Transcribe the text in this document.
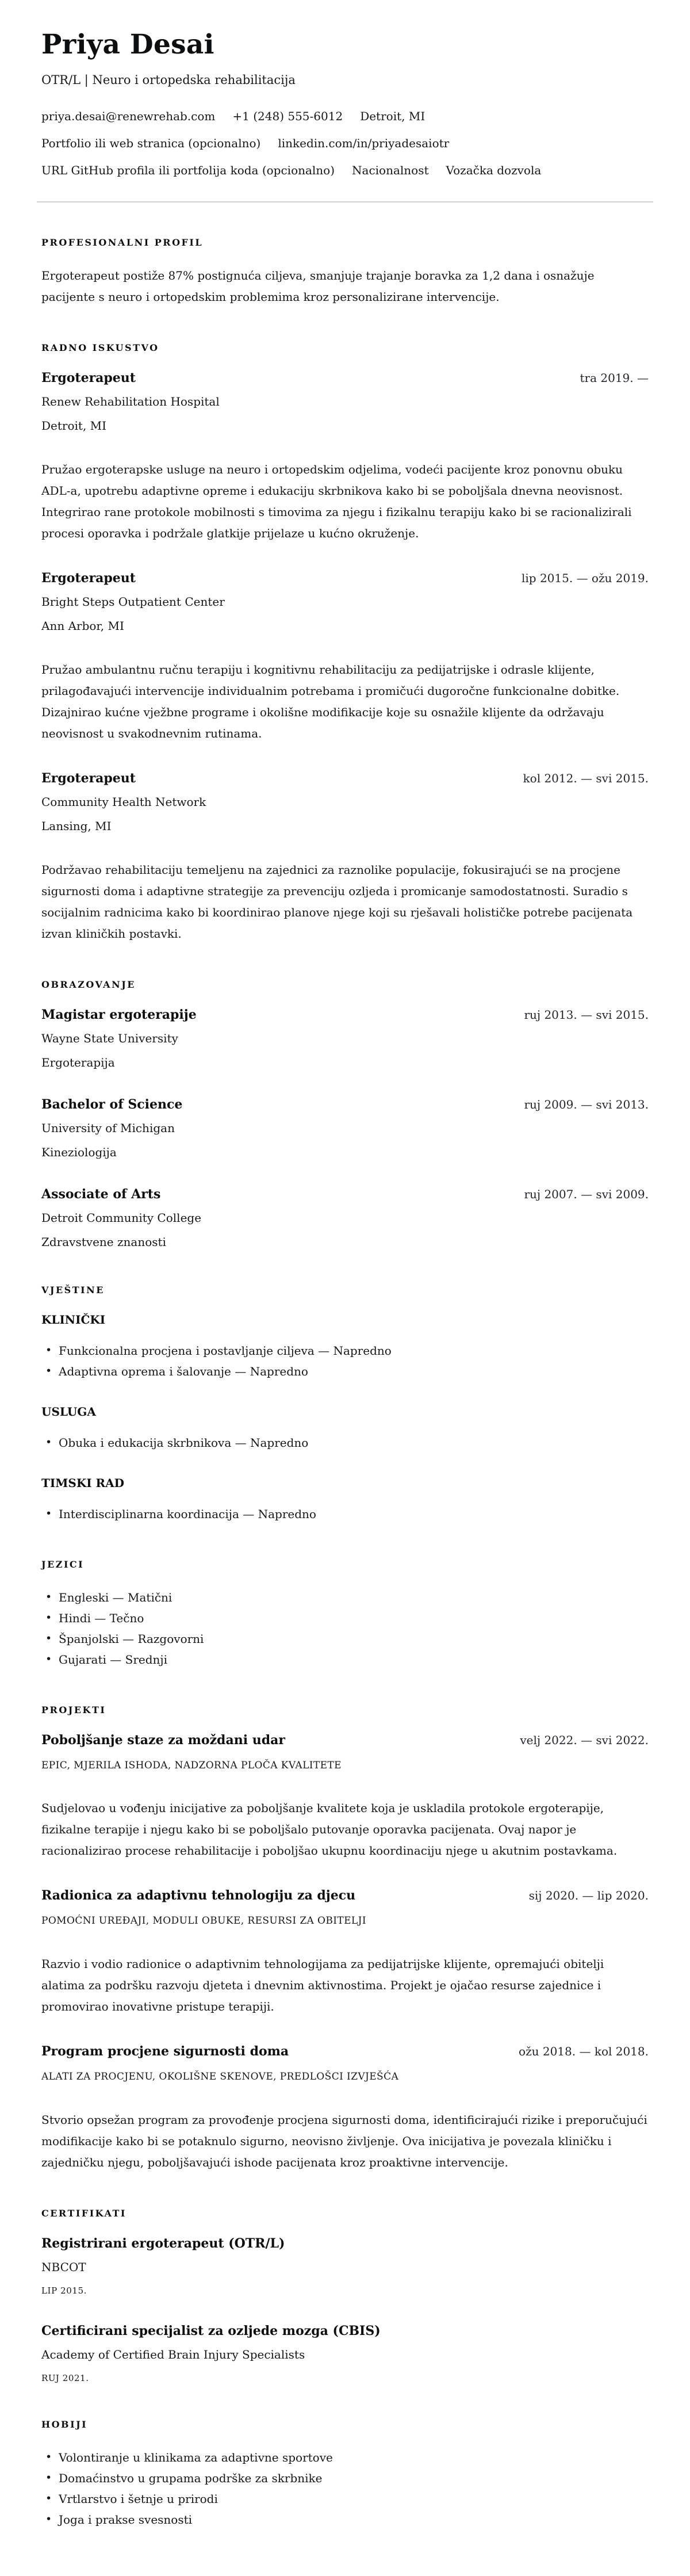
Priya Desai
OTR/L | Neuro i ortopedska rehabilitacija
priya.desai@renewrehab.com +1 (248) 555-6012 Detroit, MI
Portfolio ili web stranica (opcionalno) linkedin.com/in/priyadesaiotr
URL GitHub profila ili portfolija koda (opcionalno) Nacionalnost Vozačka dozvola
PROFESIONALNI PROFIL

Ergoterapeut postiže 87% postignuća ciljeva, smanjuje trajanje boravka za 1,2 dana i osnažuje pacijente s neuro i ortopedskim problemima kroz personalizirane intervencije.

RADNO ISKUSTVO
Ergoterapeut	tra 2019. —
Renew Rehabilitation Hospital
Detroit, MI

Pružao ergoterapske usluge na neuro i ortopedskim odjelima, vodeći pacijente kroz ponovnu obuku ADL-a, upotrebu adaptivne opreme i edukaciju skrbnikova kako bi se poboljšala dnevna neovisnost. Integrirao rane protokole mobilnosti s timovima za njegu i fizikalnu terapiju kako bi se racionalizirali procesi oporavka i podržale glatkije prijelaze u kućno okruženje.

Ergoterapeut	lip 2015. — ožu 2019.
Bright Steps Outpatient Center
Ann Arbor, MI

Pružao ambulantnu ručnu terapiju i kognitivnu rehabilitaciju za pedijatrijske i odrasle klijente, prilagođavajući intervencije individualnim potrebama i promičući dugoročne funkcionalne dobitke. Dizajnirao kućne vježbne programe i okolišne modifikacije koje su osnažile klijente da održavaju neovisnost u svakodnevnim rutinama.

Ergoterapeut	kol 2012. — svi 2015.
Community Health Network
Lansing, MI

Podržavao rehabilitaciju temeljenu na zajednici za raznolike populacije, fokusirajući se na procjene sigurnosti doma i adaptivne strategije za prevenciju ozljeda i promicanje samodostatnosti. Suradio s socijalnim radnicima kako bi koordinirao planove njege koji su rješavali holističke potrebe pacijenata izvan kliničkih postavki.

OBRAZOVANJE
Magistar ergoterapije	ruj 2013. — svi 2015.
Wayne State University
Ergoterapija
Bachelor of Science	ruj 2009. — svi 2013.
University of Michigan
Kineziologija
Associate of Arts	ruj 2007. — svi 2009.
Detroit Community College
Zdravstvene znanosti
VJEŠTINE
KLINIČKI
• Funkcionalna procjena i postavljanje ciljeva — Napredno
• Adaptivna oprema i šalovanje — Napredno
USLUGA
• Obuka i edukacija skrbnikova — Napredno
TIMSKI RAD
• Interdisciplinarna koordinacija — Napredno
JEZICI
• Engleski — Matični
• Hindi — Tečno
• Španjolski — Razgovorni
• Gujarati — Srednji
PROJEKTI
Poboljšanje staze za moždani udar	velj 2022. — svi 2022.
EPIC, MJERILA ISHODA, NADZORNA PLOČA KVALITETE

Sudjelovao u vođenju inicijative za poboljšanje kvalitete koja je uskladila protokole ergoterapije, fizikalne terapije i njegu kako bi se poboljšalo putovanje oporavka pacijenata. Ovaj napor je racionalizirao procese rehabilitacije i poboljšao ukupnu koordinaciju njege u akutnim postavkama.

Radionica za adaptivnu tehnologiju za djecu	sij 2020. — lip 2020.
POMOĆNI UREĐAJI, MODULI OBUKE, RESURSI ZA OBITELJI

Razvio i vodio radionice o adaptivnim tehnologijama za pedijatrijske klijente, opremajući obitelji alatima za podršku razvoju djeteta i dnevnim aktivnostima. Projekt je ojačao resurse zajednice i promovirao inovativne pristupe terapiji.

Program procjene sigurnosti doma	ožu 2018. — kol 2018.
ALATI ZA PROCJENU, OKOLIŠNE SKENOVE, PREDLOŠCI IZVJEŠĆA

Stvorio opsežan program za provođenje procjena sigurnosti doma, identificirajući rizike i preporučujući modifikacije kako bi se potaknulo sigurno, neovisno življenje. Ova inicijativa je povezala kliničku i zajedničku njegu, poboljšavajući ishode pacijenata kroz proaktivne intervencije.

CERTIFIKATI
Registrirani ergoterapeut (OTR/L)
NBCOT
LIP 2015.
Certificirani specijalist za ozljede mozga (CBIS)
Academy of Certified Brain Injury Specialists
RUJ 2021.
HOBIJI
• Volontiranje u klinikama za adaptivne sportove
• Domaćinstvo u grupama podrške za skrbnike
• Vrtlarstvo i šetnje u prirodi
• Joga i prakse svesnosti
